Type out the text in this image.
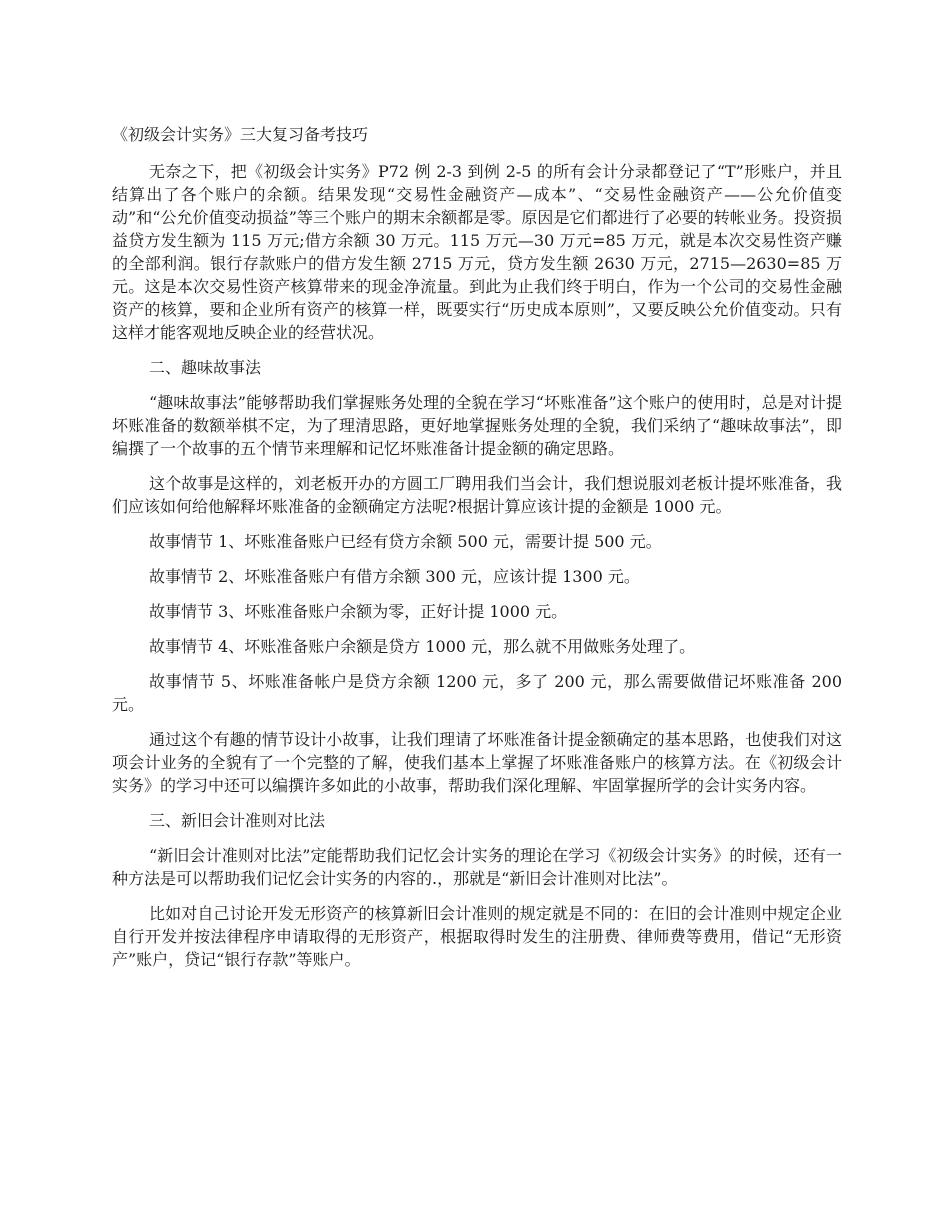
《初级会计实务》三大复习备考技巧

无奈之下，把《初级会计实务》P72 例 2-3 到例 2-5 的所有会计分录都登记了“T”形账户，并且结算出了各个账户的余额。结果发现“交易性金融资产—成本”、“交易性金融资产——公允价值变动”和“公允价值变动损益”等三个账户的期末余额都是零。原因是它们都进行了必要的转帐业务。投资损益贷方发生额为 115 万元;借方余额 30 万元。115 万元—30 万元=85 万元，就是本次交易性资产赚的全部利润。银行存款账户的借方发生额 2715 万元，贷方发生额 2630 万元，2715—2630=85 万元。这是本次交易性资产核算带来的现金净流量。到此为止我们终于明白，作为一个公司的交易性金融资产的核算，要和企业所有资产的核算一样，既要实行“历史成本原则”，又要反映公允价值变动。只有这样才能客观地反映企业的经营状况。

二、趣味故事法

“趣味故事法”能够帮助我们掌握账务处理的全貌在学习“坏账准备”这个账户的使用时，总是对计提坏账准备的数额举棋不定，为了理清思路，更好地掌握账务处理的全貌，我们采纳了“趣味故事法”，即编撰了一个故事的五个情节来理解和记忆坏账准备计提金额的确定思路。

这个故事是这样的，刘老板开办的方圆工厂聘用我们当会计，我们想说服刘老板计提坏账准备，我们应该如何给他解释坏账准备的金额确定方法呢?根据计算应该计提的金额是 1000 元。

故事情节 1、坏账准备账户已经有贷方余额 500 元，需要计提 500 元。

故事情节 2、坏账准备账户有借方余额 300 元，应该计提 1300 元。

故事情节 3、坏账准备账户余额为零，正好计提 1000 元。

故事情节 4、坏账准备账户余额是贷方 1000 元，那么就不用做账务处理了。

故事情节 5、坏账准备帐户是贷方余额 1200 元，多了 200 元，那么需要做借记坏账准备 200 元。

通过这个有趣的情节设计小故事，让我们理请了坏账准备计提金额确定的基本思路，也使我们对这项会计业务的全貌有了一个完整的了解，使我们基本上掌握了坏账准备账户的核算方法。在《初级会计实务》的学习中还可以编撰许多如此的小故事，帮助我们深化理解、牢固掌握所学的会计实务内容。

三、新旧会计准则对比法

“新旧会计准则对比法”定能帮助我们记忆会计实务的理论在学习《初级会计实务》的时候，还有一种方法是可以帮助我们记忆会计实务的内容的.，那就是“新旧会计准则对比法”。

比如对自己讨论开发无形资产的核算新旧会计准则的规定就是不同的：在旧的会计准则中规定企业自行开发并按法律程序申请取得的无形资产，根据取得时发生的注册费、律师费等费用，借记“无形资产”账户，贷记“银行存款”等账户。
